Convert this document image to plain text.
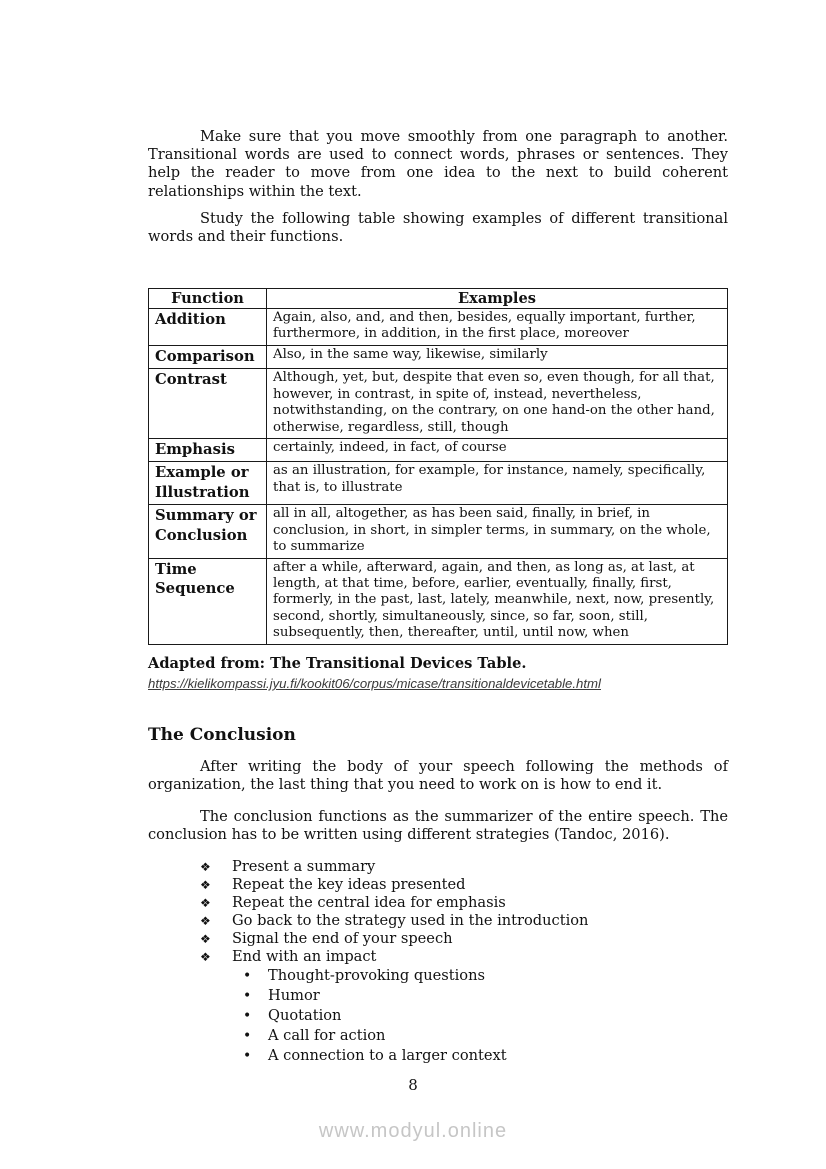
Make sure that you move smoothly from one paragraph to another. Transitional words are used to connect words, phrases or sentences. They help the reader to move from one idea to the next to build coherent relationships within the text.

Study the following table showing examples of different transitional words and their functions.

Function	Examples
Addition	Again, also, and, and then, besides, equally important, further, furthermore, in addition, in the first place, moreover
Comparison	Also, in the same way, likewise, similarly
Contrast	Although, yet, but, despite that even so, even though, for all that, however, in contrast, in spite of, instead, nevertheless, notwithstanding, on the contrary, on one hand-on the other hand, otherwise, regardless, still, though
Emphasis	certainly, indeed, in fact, of course
Example or Illustration	as an illustration, for example, for instance, namely, specifically, that is, to illustrate
Summary or Conclusion	all in all, altogether, as has been said, finally, in brief, in conclusion, in short, in simpler terms, in summary, on the whole, to summarize
Time Sequence	after a while, afterward, again, and then, as long as, at last, at length, at that time, before, earlier, eventually, finally, first, formerly, in the past, last, lately, meanwhile, next, now, presently, second, shortly, simultaneously, since, so far, soon, still, subsequently, then, thereafter, until, until now, when

Adapted from: The Transitional Devices Table.

https://kielikompassi.jyu.fi/kookit06/corpus/micase/transitionaldevicetable.html
The Conclusion

After writing the body of your speech following the methods of organization, the last thing that you need to work on is how to end it.

The conclusion functions as the summarizer of the entire speech. The conclusion has to be written using different strategies (Tandoc, 2016).

❖ Present a summary
❖ Repeat the key ideas presented
❖ Repeat the central idea for emphasis
❖ Go back to the strategy used in the introduction
❖ Signal the end of your speech
❖ End with an impact
• Thought-provoking questions
• Humor
• Quotation
• A call for action
• A connection to a larger context
8
www.modyul.online
